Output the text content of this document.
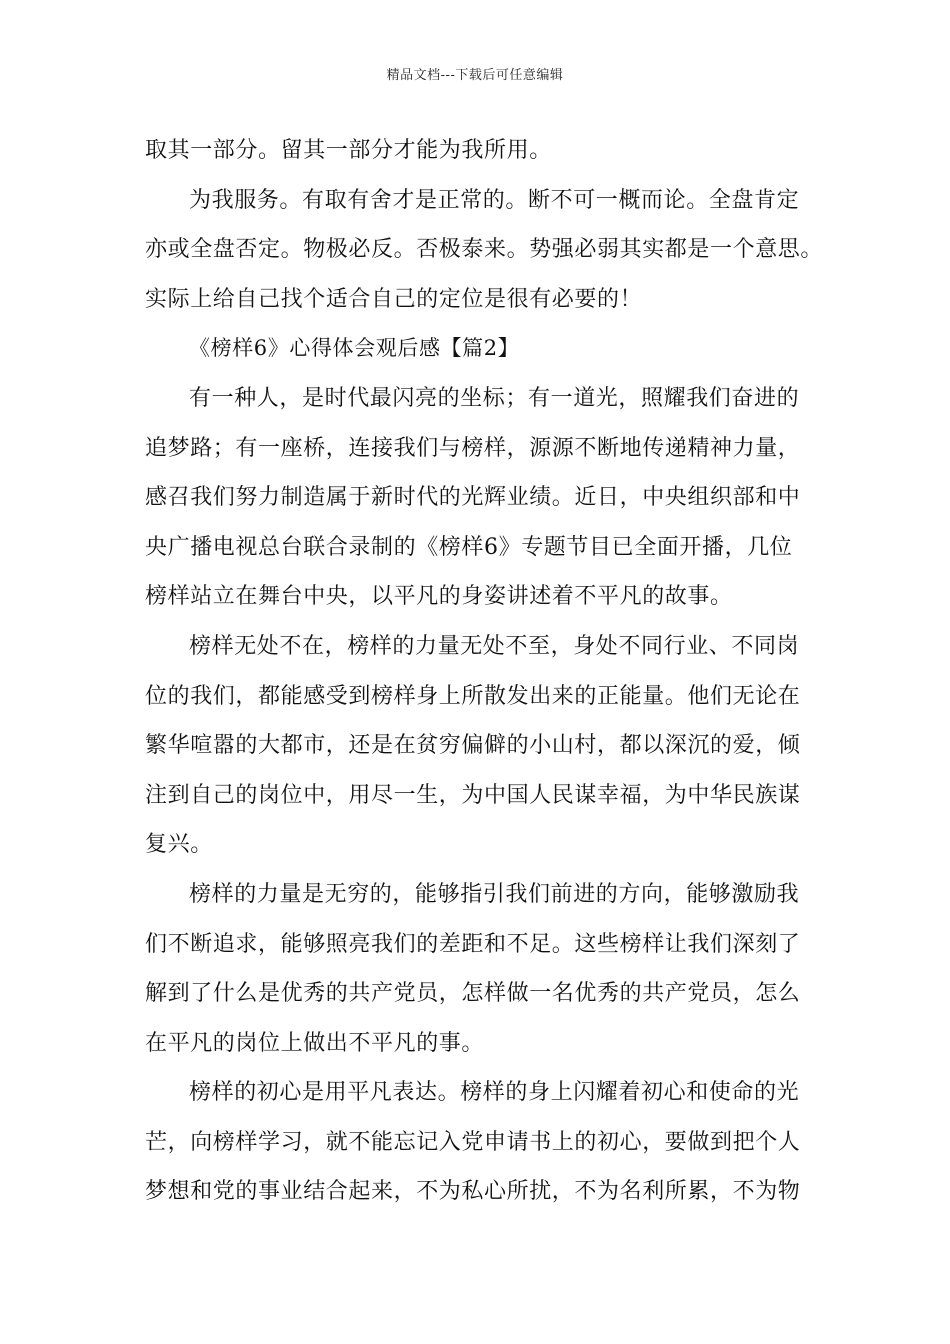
精品文档---下载后可任意编辑
取其一部分。留其一部分才能为我所用。
为我服务。有取有舍才是正常的。断不可一概而论。全盘肯定
亦或全盘否定。物极必反。否极泰来。势强必弱其实都是一个意思。
实际上给自己找个适合自己的定位是很有必要的！
《榜样6》心得体会观后感【篇2】
有一种人，是时代最闪亮的坐标；有一道光，照耀我们奋进的
追梦路；有一座桥，连接我们与榜样，源源不断地传递精神力量，
感召我们努力制造属于新时代的光辉业绩。近日，中央组织部和中
央广播电视总台联合录制的《榜样6》专题节目已全面开播，几位
榜样站立在舞台中央，以平凡的身姿讲述着不平凡的故事。
榜样无处不在，榜样的力量无处不至，身处不同行业、不同岗
位的我们，都能感受到榜样身上所散发出来的正能量。他们无论在
繁华喧嚣的大都市，还是在贫穷偏僻的小山村，都以深沉的爱，倾
注到自己的岗位中，用尽一生，为中国人民谋幸福，为中华民族谋
复兴。
榜样的力量是无穷的，能够指引我们前进的方向，能够激励我
们不断追求，能够照亮我们的差距和不足。这些榜样让我们深刻了
解到了什么是优秀的共产党员，怎样做一名优秀的共产党员，怎么
在平凡的岗位上做出不平凡的事。
榜样的初心是用平凡表达。榜样的身上闪耀着初心和使命的光
芒，向榜样学习，就不能忘记入党申请书上的初心，要做到把个人
梦想和党的事业结合起来，不为私心所扰，不为名利所累，不为物
